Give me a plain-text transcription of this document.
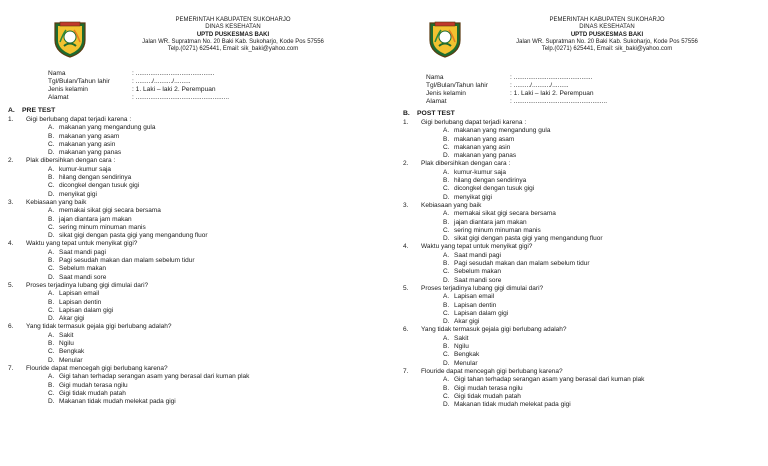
PEMERINTAH KABUPATEN SUKOHARJO
DINAS KESEHATAN
UPTD PUSKESMAS BAKI
Jalan WR. Supratman No. 20 Baki Kab. Sukoharjo, Kode Pos 57556
Telp.(0271) 625441, Email: sik_baki@yahoo.com
Nama	: ...........................................
Tgl/Bulan/Tahun lahir	: ........./........../.........
Jenis kelamin	: 1. Laki – laki 2. Perempuan
Alamat	: ...................................................
A. PRE TEST
1.	Gigi berlubang dapat terjadi karena :
A. makanan yang mengandung gula
B. makanan yang asam
C. makanan yang asin
D. makanan yang panas
2.	Plak dibersihkan dengan cara :
A. kumur-kumur saja
B. hilang dengan sendirinya
C. dicongkel dengan tusuk gigi
D. menyikat gigi
3.	Kebiasaan yang baik
A. memakai sikat gigi secara bersama
B. jajan diantara jam makan
C. sering minum minuman manis
D. sikat gigi dengan pasta gigi yang mengandung fluor
4.	Waktu yang tepat untuk menyikat gigi?
A. Saat mandi pagi
B. Pagi sesudah makan dan malam sebelum tidur
C. Sebelum makan
D. Saat mandi sore
5.	Proses terjadinya lubang gigi dimulai dari?
A. Lapisan email
B. Lapisan dentin
C. Lapisan dalam gigi
D. Akar gigi
6.	Yang tidak termasuk gejala gigi berlubang adalah?
A. Sakit
B. Ngilu
C. Bengkak
D. Menular
7.	Flouride dapat mencegah gigi berlubang karena?
A. Gigi tahan terhadap serangan asam yang berasal dari kuman plak
B. Gigi mudah terasa ngilu
C. Gigi tidak mudah patah
D. Makanan tidak mudah melekat pada gigi
PEMERINTAH KABUPATEN SUKOHARJO
DINAS KESEHATAN
UPTD PUSKESMAS BAKI
Jalan WR. Supratman No. 20 Baki Kab. Sukoharjo, Kode Pos 57556
Telp.(0271) 625441, Email: sik_baki@yahoo.com
Nama	: ...........................................
Tgl/Bulan/Tahun lahir	: ........./........../.........
Jenis kelamin	: 1. Laki – laki 2. Perempuan
Alamat	: ...................................................
B. POST TEST
1.	Gigi berlubang dapat terjadi karena :
A. makanan yang mengandung gula
B. makanan yang asam
C. makanan yang asin
D. makanan yang panas
2.	Plak dibersihkan dengan cara :
A. kumur-kumur saja
B. hilang dengan sendirinya
C. dicongkel dengan tusuk gigi
D. menyikat gigi
3.	Kebiasaan yang baik
A. memakai sikat gigi secara bersama
B. jajan diantara jam makan
C. sering minum minuman manis
D. sikat gigi dengan pasta gigi yang mengandung fluor
4.	Waktu yang tepat untuk menyikat gigi?
A. Saat mandi pagi
B. Pagi sesudah makan dan malam sebelum tidur
C. Sebelum makan
D. Saat mandi sore
5.	Proses terjadinya lubang gigi dimulai dari?
A. Lapisan email
B. Lapisan dentin
C. Lapisan dalam gigi
D. Akar gigi
6.	Yang tidak termasuk gejala gigi berlubang adalah?
A. Sakit
B. Ngilu
C. Bengkak
D. Menular
7.	Flouride dapat mencegah gigi berlubang karena?
A. Gigi tahan terhadap serangan asam yang berasal dari kuman plak
B. Gigi mudah terasa ngilu
C. Gigi tidak mudah patah
D. Makanan tidak mudah melekat pada gigi
